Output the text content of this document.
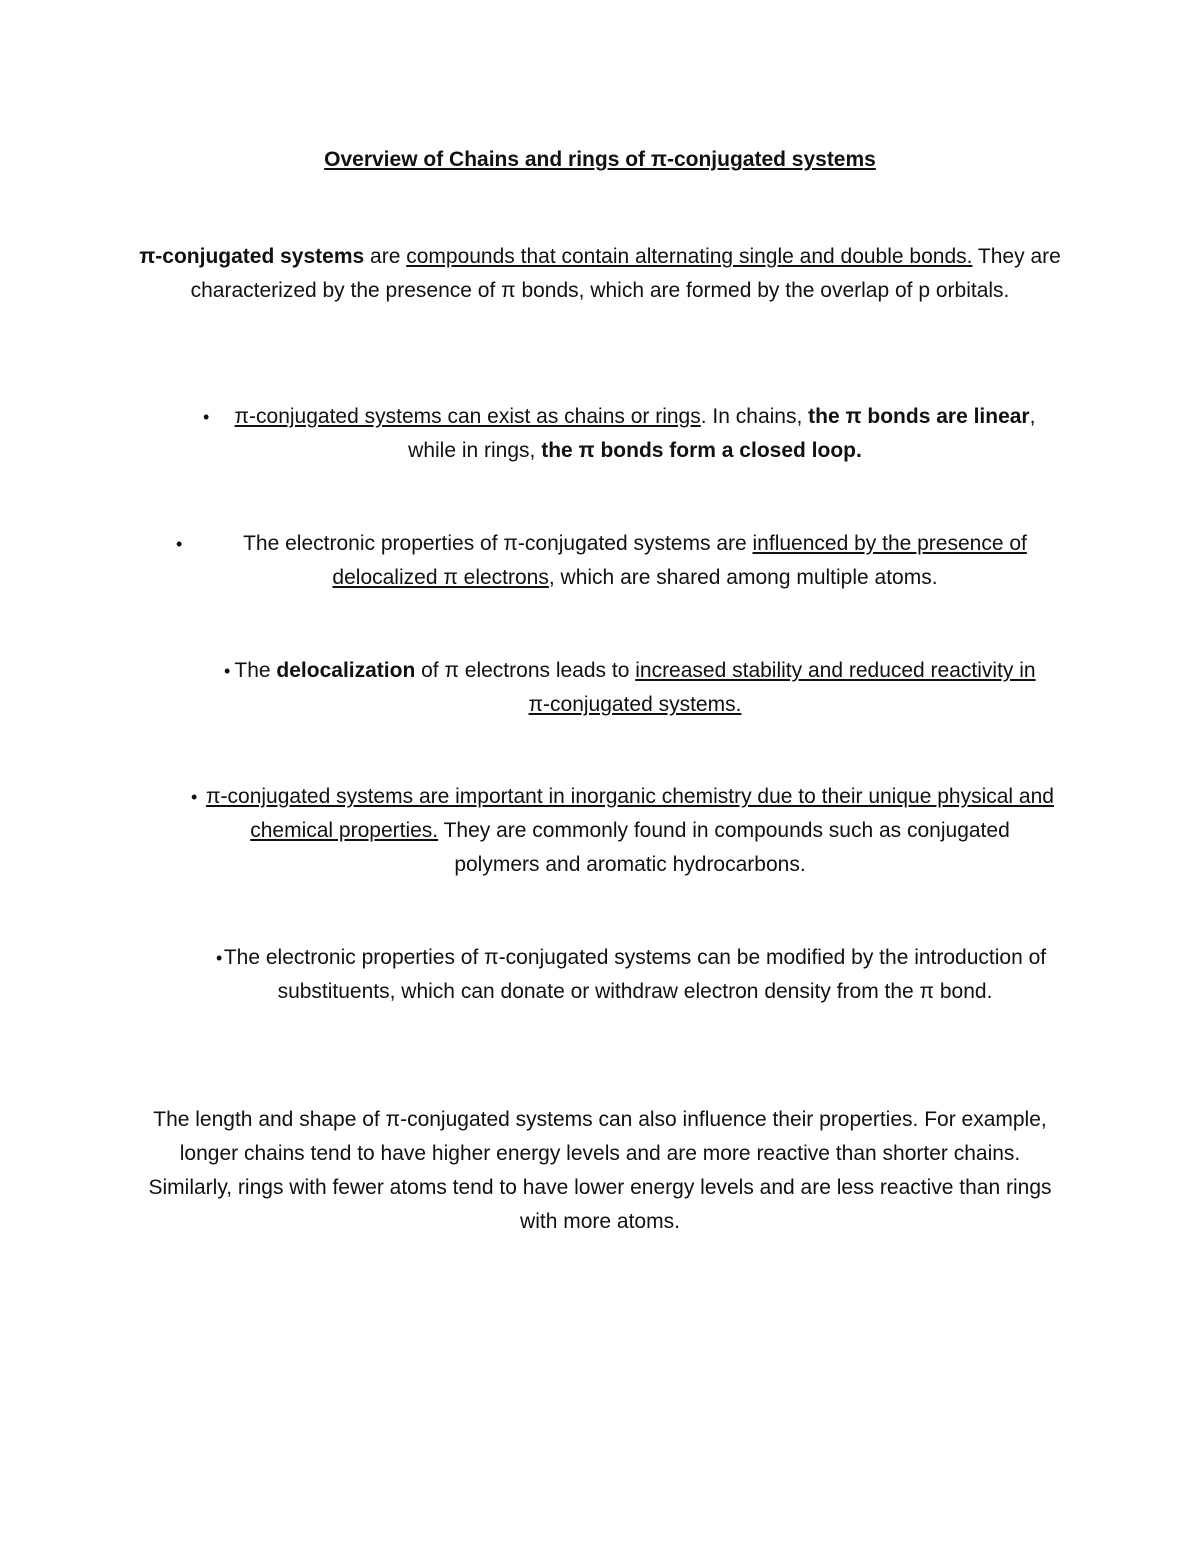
Overview of Chains and rings of π-conjugated systems
π-conjugated systems are compounds that contain alternating single and double bonds. They are characterized by the presence of π bonds, which are formed by the overlap of p orbitals.
•	π-conjugated systems can exist as chains or rings. In chains, the π bonds are linear, while in rings, the π bonds form a closed loop.
•	The electronic properties of π-conjugated systems are influenced by the presence of delocalized π electrons, which are shared among multiple atoms.
• The delocalization of π electrons leads to increased stability and reduced reactivity in π-conjugated systems.
• π-conjugated systems are important in inorganic chemistry due to their unique physical and chemical properties. They are commonly found in compounds such as conjugated polymers and aromatic hydrocarbons.
• The electronic properties of π-conjugated systems can be modified by the introduction of substituents, which can donate or withdraw electron density from the π bond.
The length and shape of π-conjugated systems can also influence their properties. For example, longer chains tend to have higher energy levels and are more reactive than shorter chains. Similarly, rings with fewer atoms tend to have lower energy levels and are less reactive than rings with more atoms.
